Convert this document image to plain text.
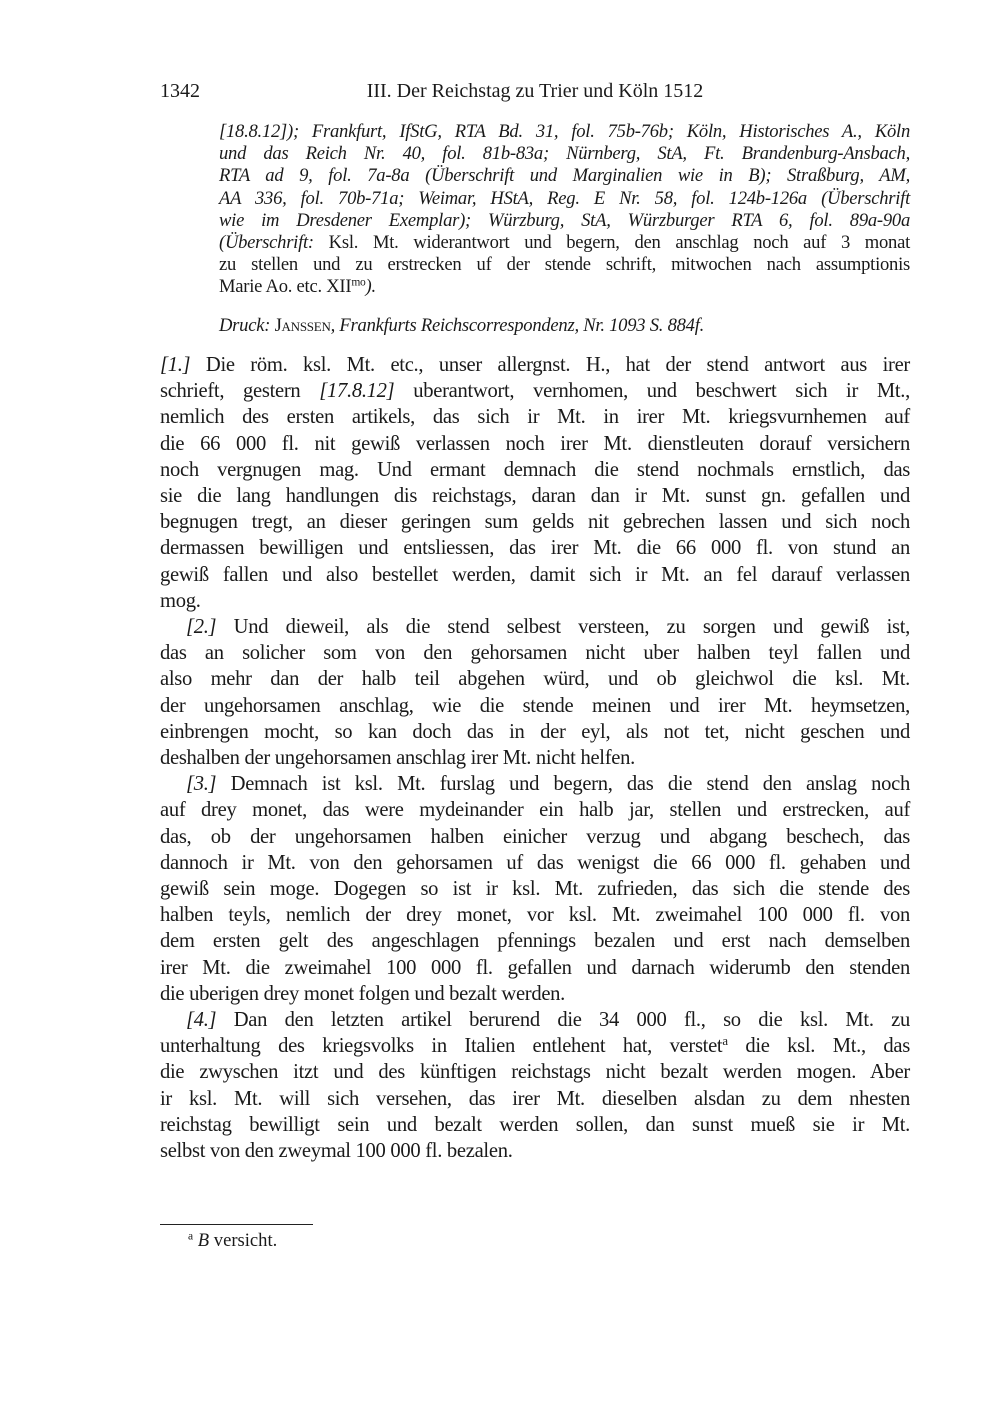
1342	III. Der Reichstag zu Trier und Köln 1512
[18.8.12]); Frankfurt, IfStG, RTA Bd. 31, fol. 75b-76b; Köln, Historisches A., Köln
und das Reich Nr. 40, fol. 81b-83a; Nürnberg, StA, Ft. Brandenburg-Ansbach,
RTA ad 9, fol. 7a-8a (Überschrift und Marginalien wie in B); Straßburg, AM,
AA 336, fol. 70b-71a; Weimar, HStA, Reg. E Nr. 58, fol. 124b-126a (Überschrift
wie im Dresdener Exemplar); Würzburg, StA, Würzburger RTA 6, fol. 89a-90a
(Überschrift: Ksl. Mt. widerantwort und begern, den anschlag noch auf 3 monat
zu stellen und zu erstrecken uf der stende schrift, mitwochen nach assumptionis
Marie Ao. etc. $XII^{mo}$).
Druck: Janssen, Frankfurts Reichscorrespondenz, Nr. 1093 S. 884f.
[1.] Die röm. ksl. Mt. etc., unser allergnst. H., hat der stend antwort aus irer
schrieft, gestern [17.8.12] uberantwort, vernhomen, und beschwert sich ir Mt.,
nemlich des ersten artikels, das sich ir Mt. in irer Mt. kriegsvurnhemen auf
die 66 000 fl. nit gewiß verlassen noch irer Mt. dienstleuten dorauf versichern
noch vergnugen mag. Und ermant demnach die stend nochmals ernstlich, das
sie die lang handlungen dis reichstags, daran dan ir Mt. sunst gn. gefallen und
begnugen tregt, an dieser geringen sum gelds nit gebrechen lassen und sich noch
dermassen bewilligen und entsliessen, das irer Mt. die 66 000 fl. von stund an
gewiß fallen und also bestellet werden, damit sich ir Mt. an fel darauf verlassen
mog.
[2.] Und dieweil, als die stend selbest versteen, zu sorgen und gewiß ist,
das an solicher som von den gehorsamen nicht uber halben teyl fallen und
also mehr dan der halb teil abgehen würd, und ob gleichwol die ksl. Mt.
der ungehorsamen anschlag, wie die stende meinen und irer Mt. heymsetzen,
einbrengen mocht, so kan doch das in der eyl, als not tet, nicht geschen und
deshalben der ungehorsamen anschlag irer Mt. nicht helfen.
[3.] Demnach ist ksl. Mt. furslag und begern, das die stend den anslag noch
auf drey monet, das were mydeinander ein halb jar, stellen und erstrecken, auf
das, ob der ungehorsamen halben einicher verzug und abgang beschech, das
dannoch ir Mt. von den gehorsamen uf das wenigst die 66 000 fl. gehaben und
gewiß sein moge. Dogegen so ist ir ksl. Mt. zufrieden, das sich die stende des
halben teyls, nemlich der drey monet, vor ksl. Mt. zweimahel 100 000 fl. von
dem ersten gelt des angeschlagen pfennings bezalen und erst nach demselben
irer Mt. die zweimahel 100 000 fl. gefallen und darnach widerumb den stenden
die uberigen drey monet folgen und bezalt werden.
[4.] Dan den letzten artikel berurend die 34 000 fl., so die ksl. Mt. zu
unterhaltung des kriegsvolks in Italien entlehent hat, verstet$^a$ die ksl. Mt., das
die zwyschen itzt und des künftigen reichstags nicht bezalt werden mogen. Aber
ir ksl. Mt. will sich versehen, das irer Mt. dieselben alsdan zu dem nhesten
reichstag bewilligt sein und bezalt werden sollen, dan sunst mueß sie ir Mt.
selbst von den zweymal 100 000 fl. bezalen.
$^a$ B versicht.
